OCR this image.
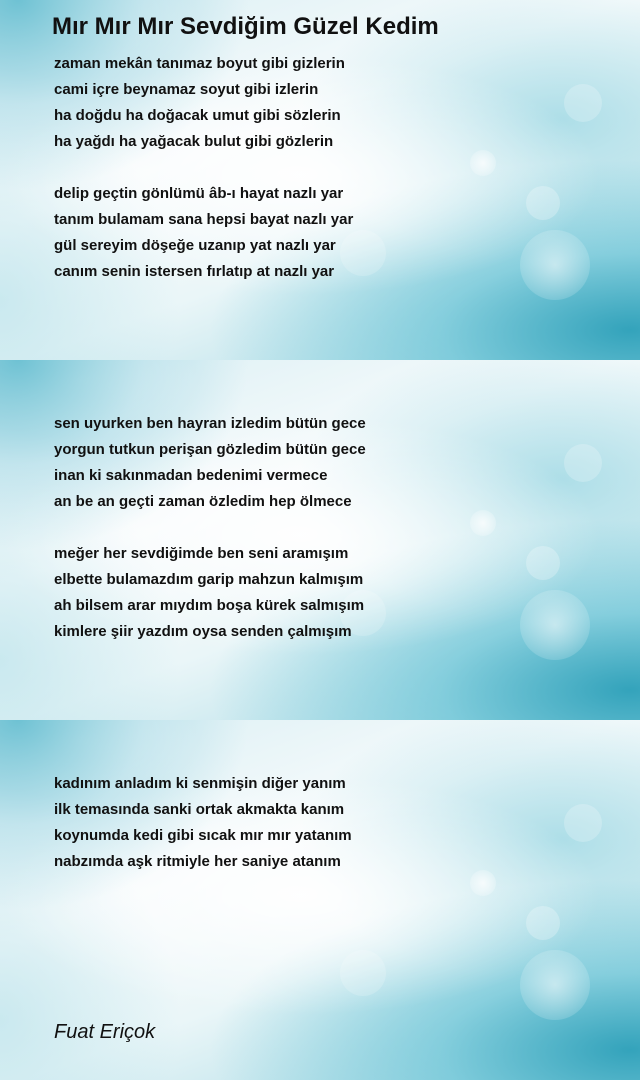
Mır Mır Mır Sevdiğim Güzel Kedim
zaman mekân tanımaz boyut gibi gizlerin
cami içre beynamaz soyut gibi izlerin
ha doğdu ha doğacak umut gibi sözlerin
ha yağdı ha yağacak bulut gibi gözlerin
delip geçtin gönlümü âb-ı hayat nazlı yar
tanım bulamam sana hepsi bayat nazlı yar
gül sereyim döşeğe uzanıp yat nazlı yar
canım senin istersen fırlatıp at nazlı yar
sen uyurken ben hayran izledim bütün gece
yorgun tutkun perişan gözledim bütün gece
inan ki sakınmadan bedenimi vermece
an be an geçti zaman özledim hep ölmece
meğer her sevdiğimde ben seni aramışım
elbette bulamazdım garip mahzun kalmışım
ah bilsem arar mıydım boşa kürek salmışım
kimlere şiir yazdım oysa senden çalmışım
kadınım anladım ki senmişin diğer yanım
ilk temasında sanki ortak akmakta kanım
koynumda kedi gibi sıcak mır mır yatanım
nabzımda aşk ritmiyle her saniye atanım
Fuat Eriçok
